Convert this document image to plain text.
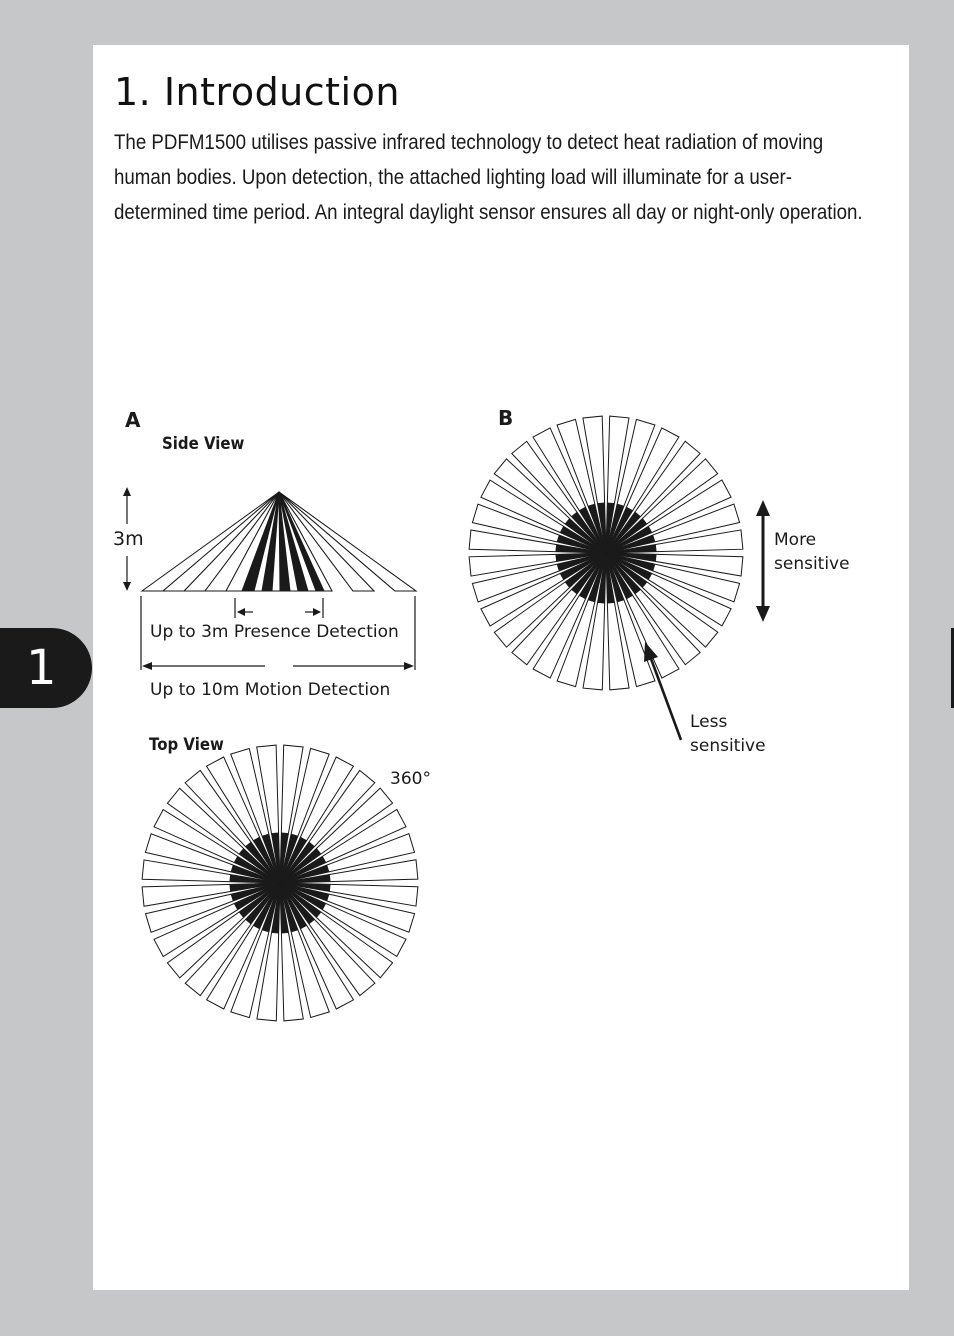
1. Introduction

The PDFM1500 utilises passive infrared technology to detect heat radiation of moving human bodies. Upon detection, the attached lighting load will illuminate for a user-determined time period. An integral daylight sensor ensures all day or night-only operation.

1
A
Side View
3m
Up to 3m Presence Detection
Up to 10m Motion Detection
Top View
360°
B
More
sensitive
Less
sensitive
